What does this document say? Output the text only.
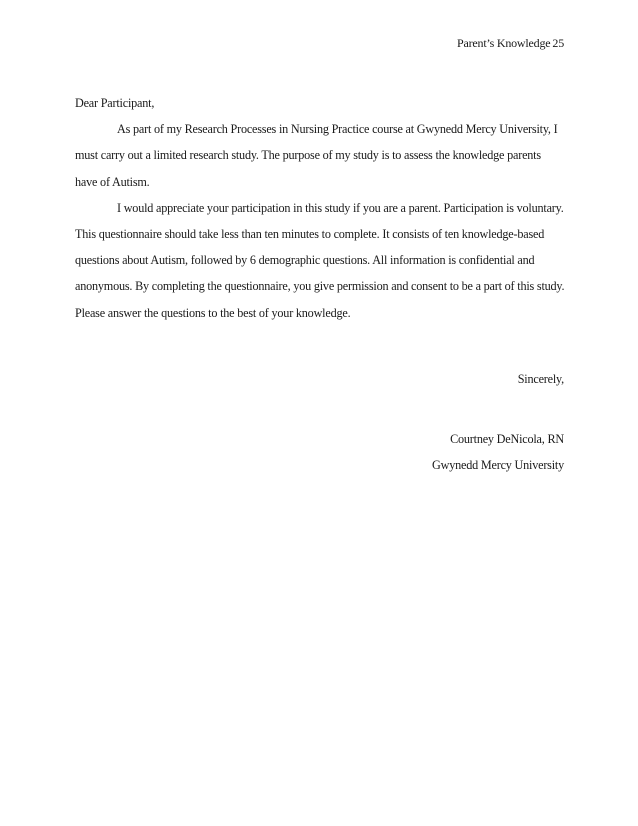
Parent’s Knowledge 25

Dear Participant,

As part of my Research Processes in Nursing Practice course at Gwynedd Mercy University, I must carry out a limited research study. The purpose of my study is to assess the knowledge parents have of Autism.

I would appreciate your participation in this study if you are a parent. Participation is voluntary. This questionnaire should take less than ten minutes to complete. It consists of ten knowledge-based questions about Autism, followed by 6 demographic questions. All information is confidential and anonymous. By completing the questionnaire, you give permission and consent to be a part of this study. Please answer the questions to the best of your knowledge.

Sincerely,
Courtney DeNicola, RN
Gwynedd Mercy University
